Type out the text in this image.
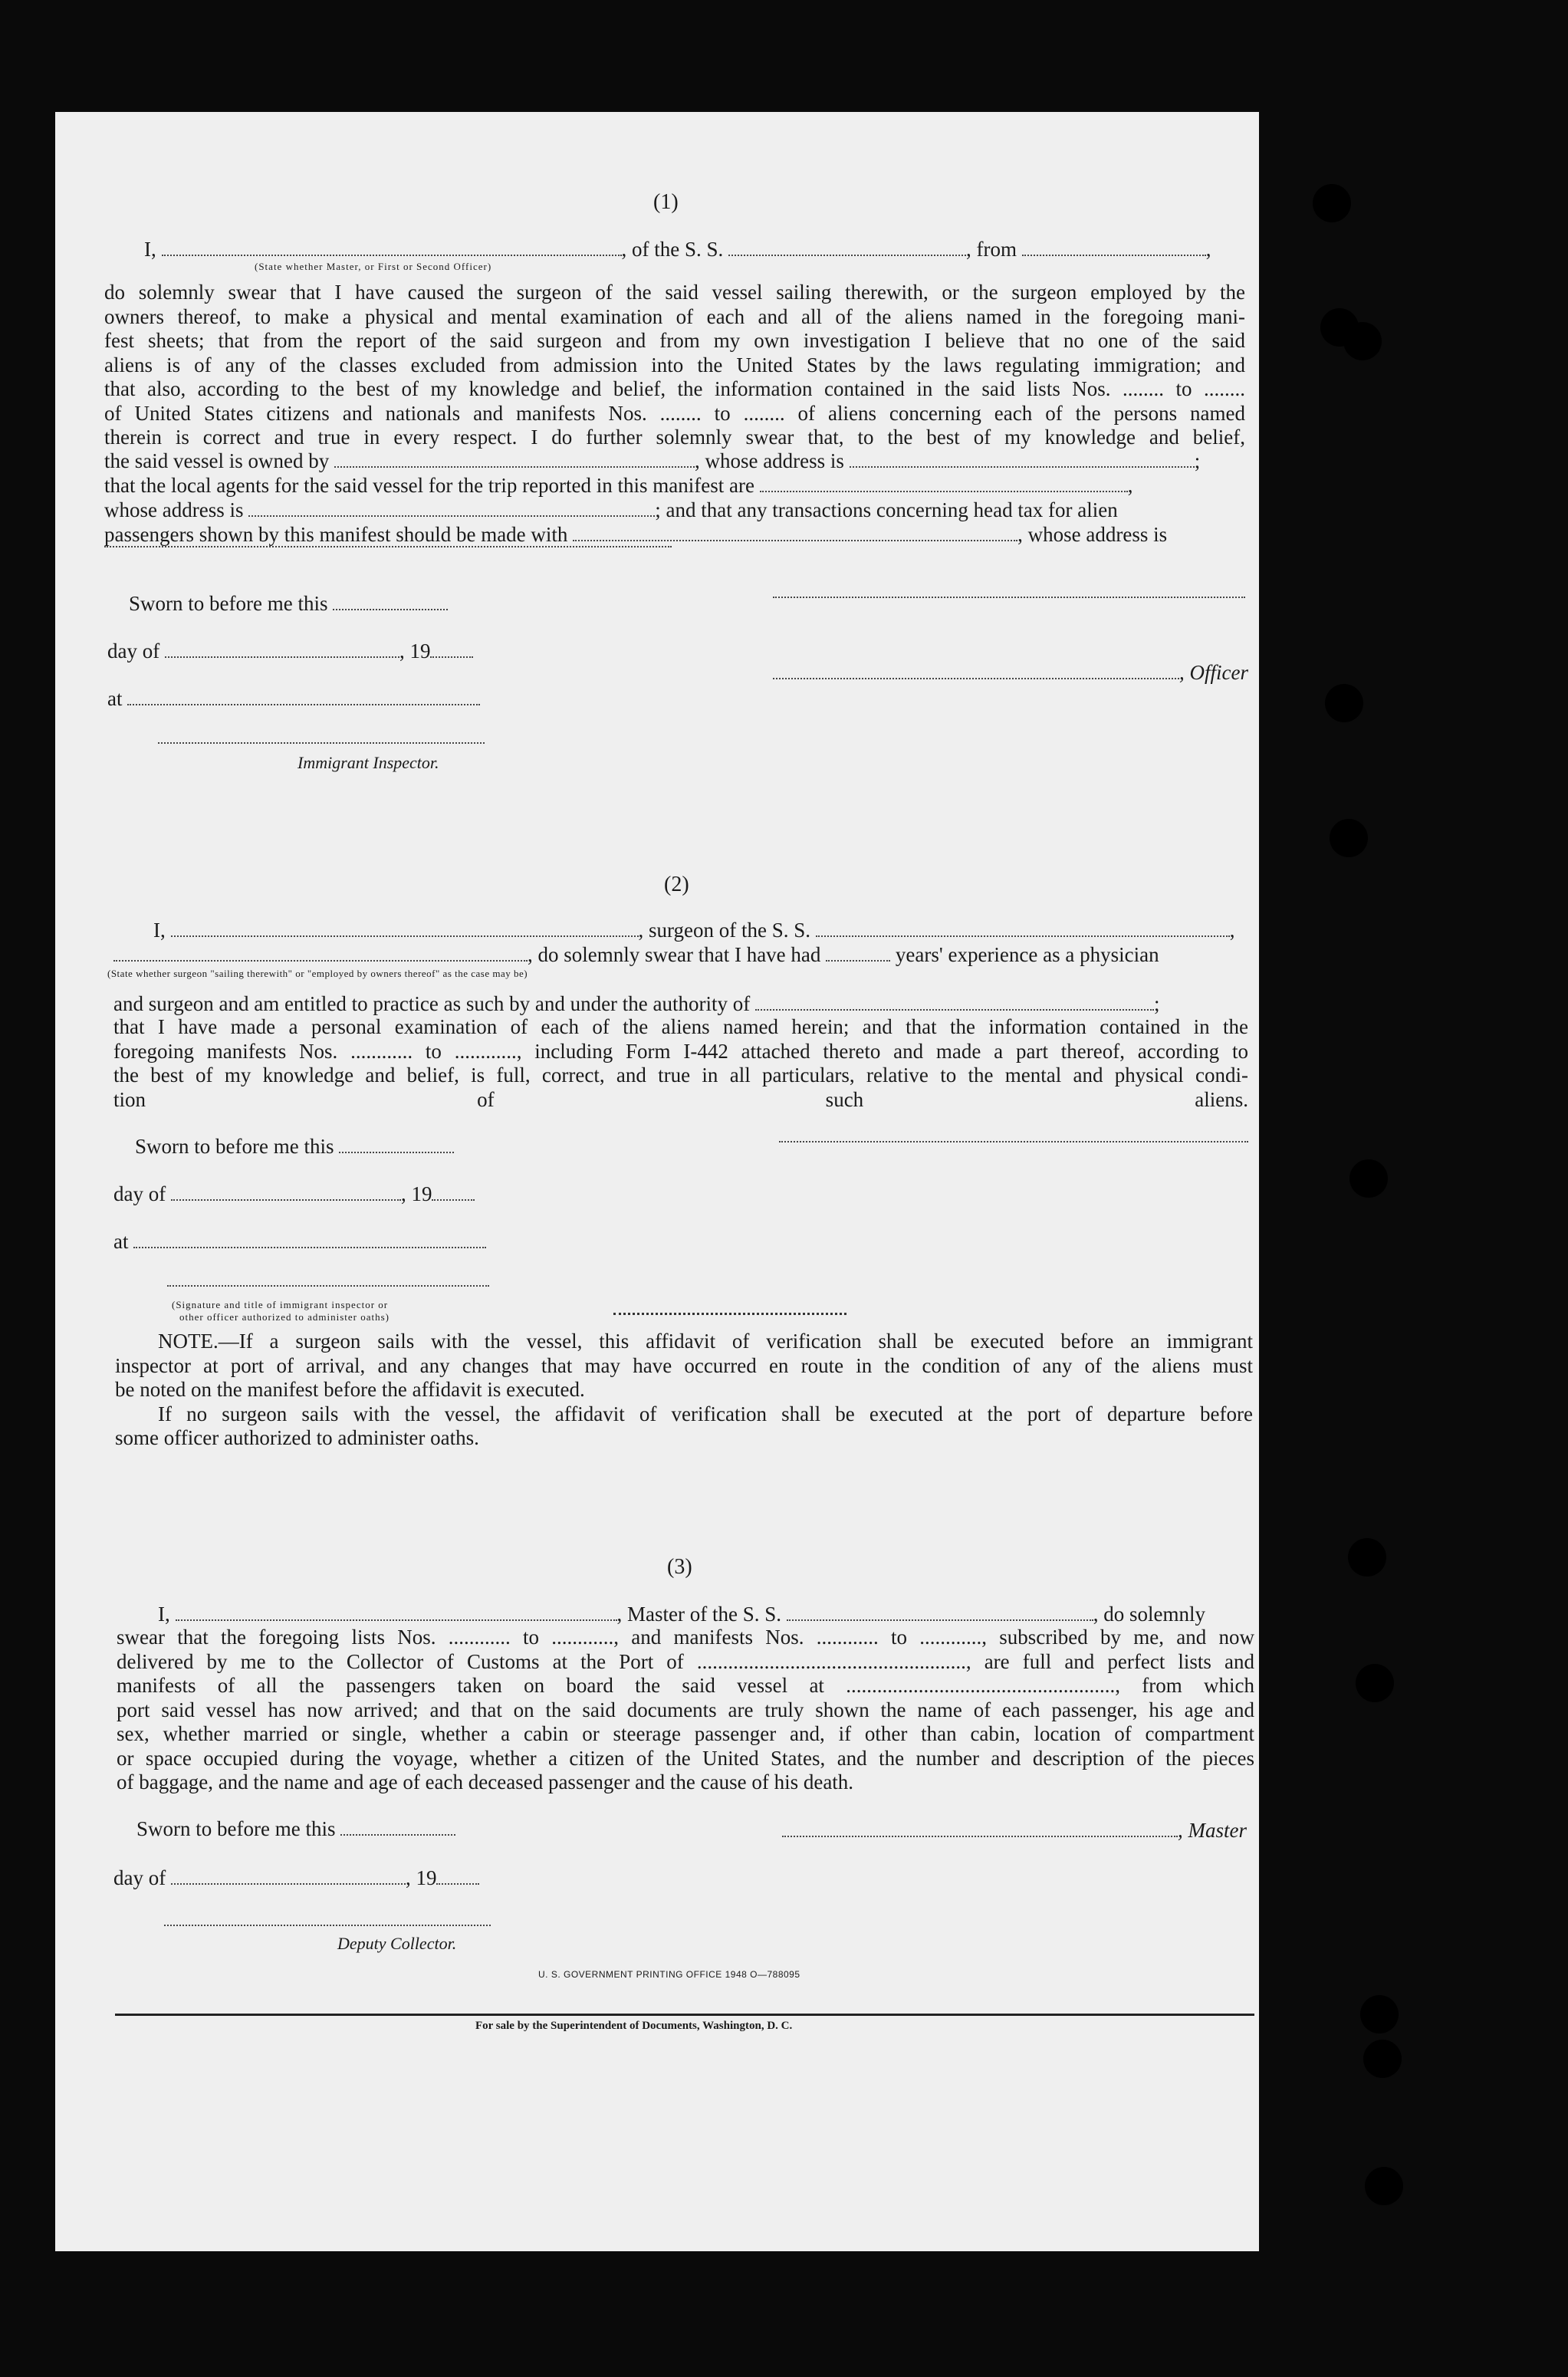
(1)
I,	, of the S. S.	, from	,
(State whether Master, or First or Second Officer)
do solemnly swear that I have caused the surgeon of the said vessel sailing therewith, or the surgeon employed by the
owners thereof, to make a physical and mental examination of each and all of the aliens named in the foregoing mani-
fest sheets; that from the report of the said surgeon and from my own investigation I believe that no one of the said
aliens is of any of the classes excluded from admission into the United States by the laws regulating immigration; and
that also, according to the best of my knowledge and belief, the information contained in the said lists Nos. ........ to ........
of United States citizens and nationals and manifests Nos. ........ to ........ of aliens concerning each of the persons named
therein is correct and true in every respect. I do further solemnly swear that, to the best of my knowledge and belief,
the said vessel is owned by	, whose address is	;
that the local agents for the said vessel for the trip reported in this manifest are	,
whose address is	; and that any transactions concerning head tax for alien
passengers shown by this manifest should be made with	, whose address is
Sworn to before me this
day of	, 19
, Officer
at
Immigrant Inspector.
(2)
I,	, surgeon of the S. S.	,
, do solemnly swear that I have had	years' experience as a physician
(State whether surgeon "sailing therewith" or "employed by owners thereof" as the case may be)
and surgeon and am entitled to practice as such by and under the authority of	;
that I have made a personal examination of each of the aliens named herein; and that the information contained in the
foregoing manifests Nos. ............ to ............, including Form I-442 attached thereto and made a part thereof, according to
the best of my knowledge and belief, is full, correct, and true in all particulars, relative to the mental and physical condi-
tion of such aliens.
Sworn to before me this
day of	, 19
at
(Signature and title of immigrant inspector or
other officer authorized to administer oaths)
NOTE.—If a surgeon sails with the vessel, this affidavit of verification shall be executed before an immigrant
inspector at port of arrival, and any changes that may have occurred en route in the condition of any of the aliens must
be noted on the manifest before the affidavit is executed.
If no surgeon sails with the vessel, the affidavit of verification shall be executed at the port of departure before
some officer authorized to administer oaths.
(3)
I,	, Master of the S. S.	, do solemnly
swear that the foregoing lists Nos. ............ to ............, and manifests Nos. ............ to ............, subscribed by me, and now
delivered by me to the Collector of Customs at the Port of ...................................................., are full and perfect lists and
manifests of all the passengers taken on board the said vessel at ...................................................., from which
port said vessel has now arrived; and that on the said documents are truly shown the name of each passenger, his age and
sex, whether married or single, whether a cabin or steerage passenger and, if other than cabin, location of compartment
or space occupied during the voyage, whether a citizen of the United States, and the number and description of the pieces
of baggage, and the name and age of each deceased passenger and the cause of his death.
Sworn to before me this	, Master
day of	, 19
Deputy Collector.
U. S. GOVERNMENT PRINTING OFFICE 1948 O—788095
For sale by the Superintendent of Documents, Washington, D. C.
